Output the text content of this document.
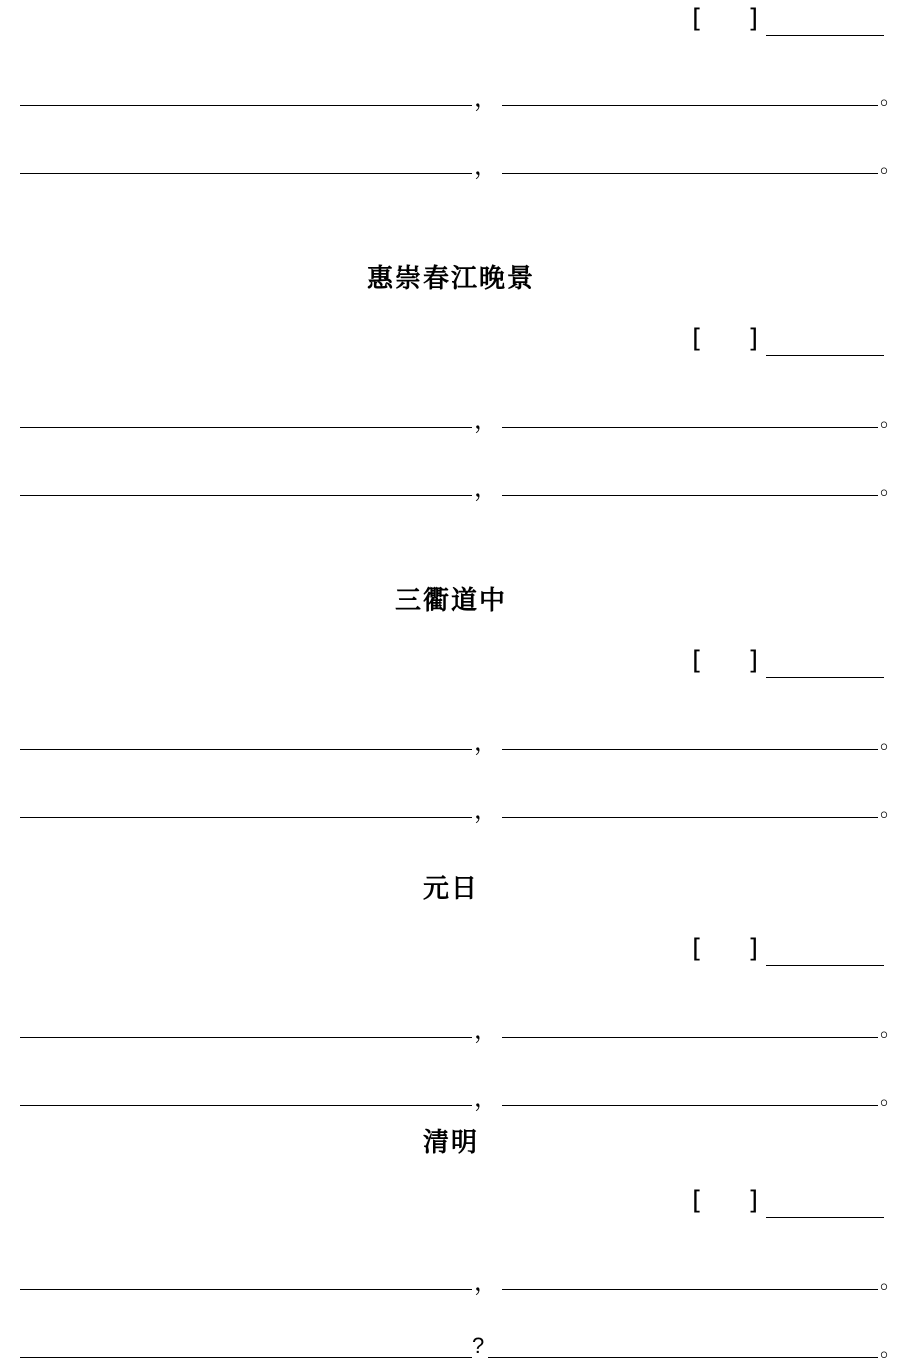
[ ]
，	。
，	。
惠崇春江晚景
[ ]
，	。
，	。
三衢道中
[ ]
，	。
，	。
元日
[ ]
，	。
，	。
清明
[ ]
，	。
?	。
